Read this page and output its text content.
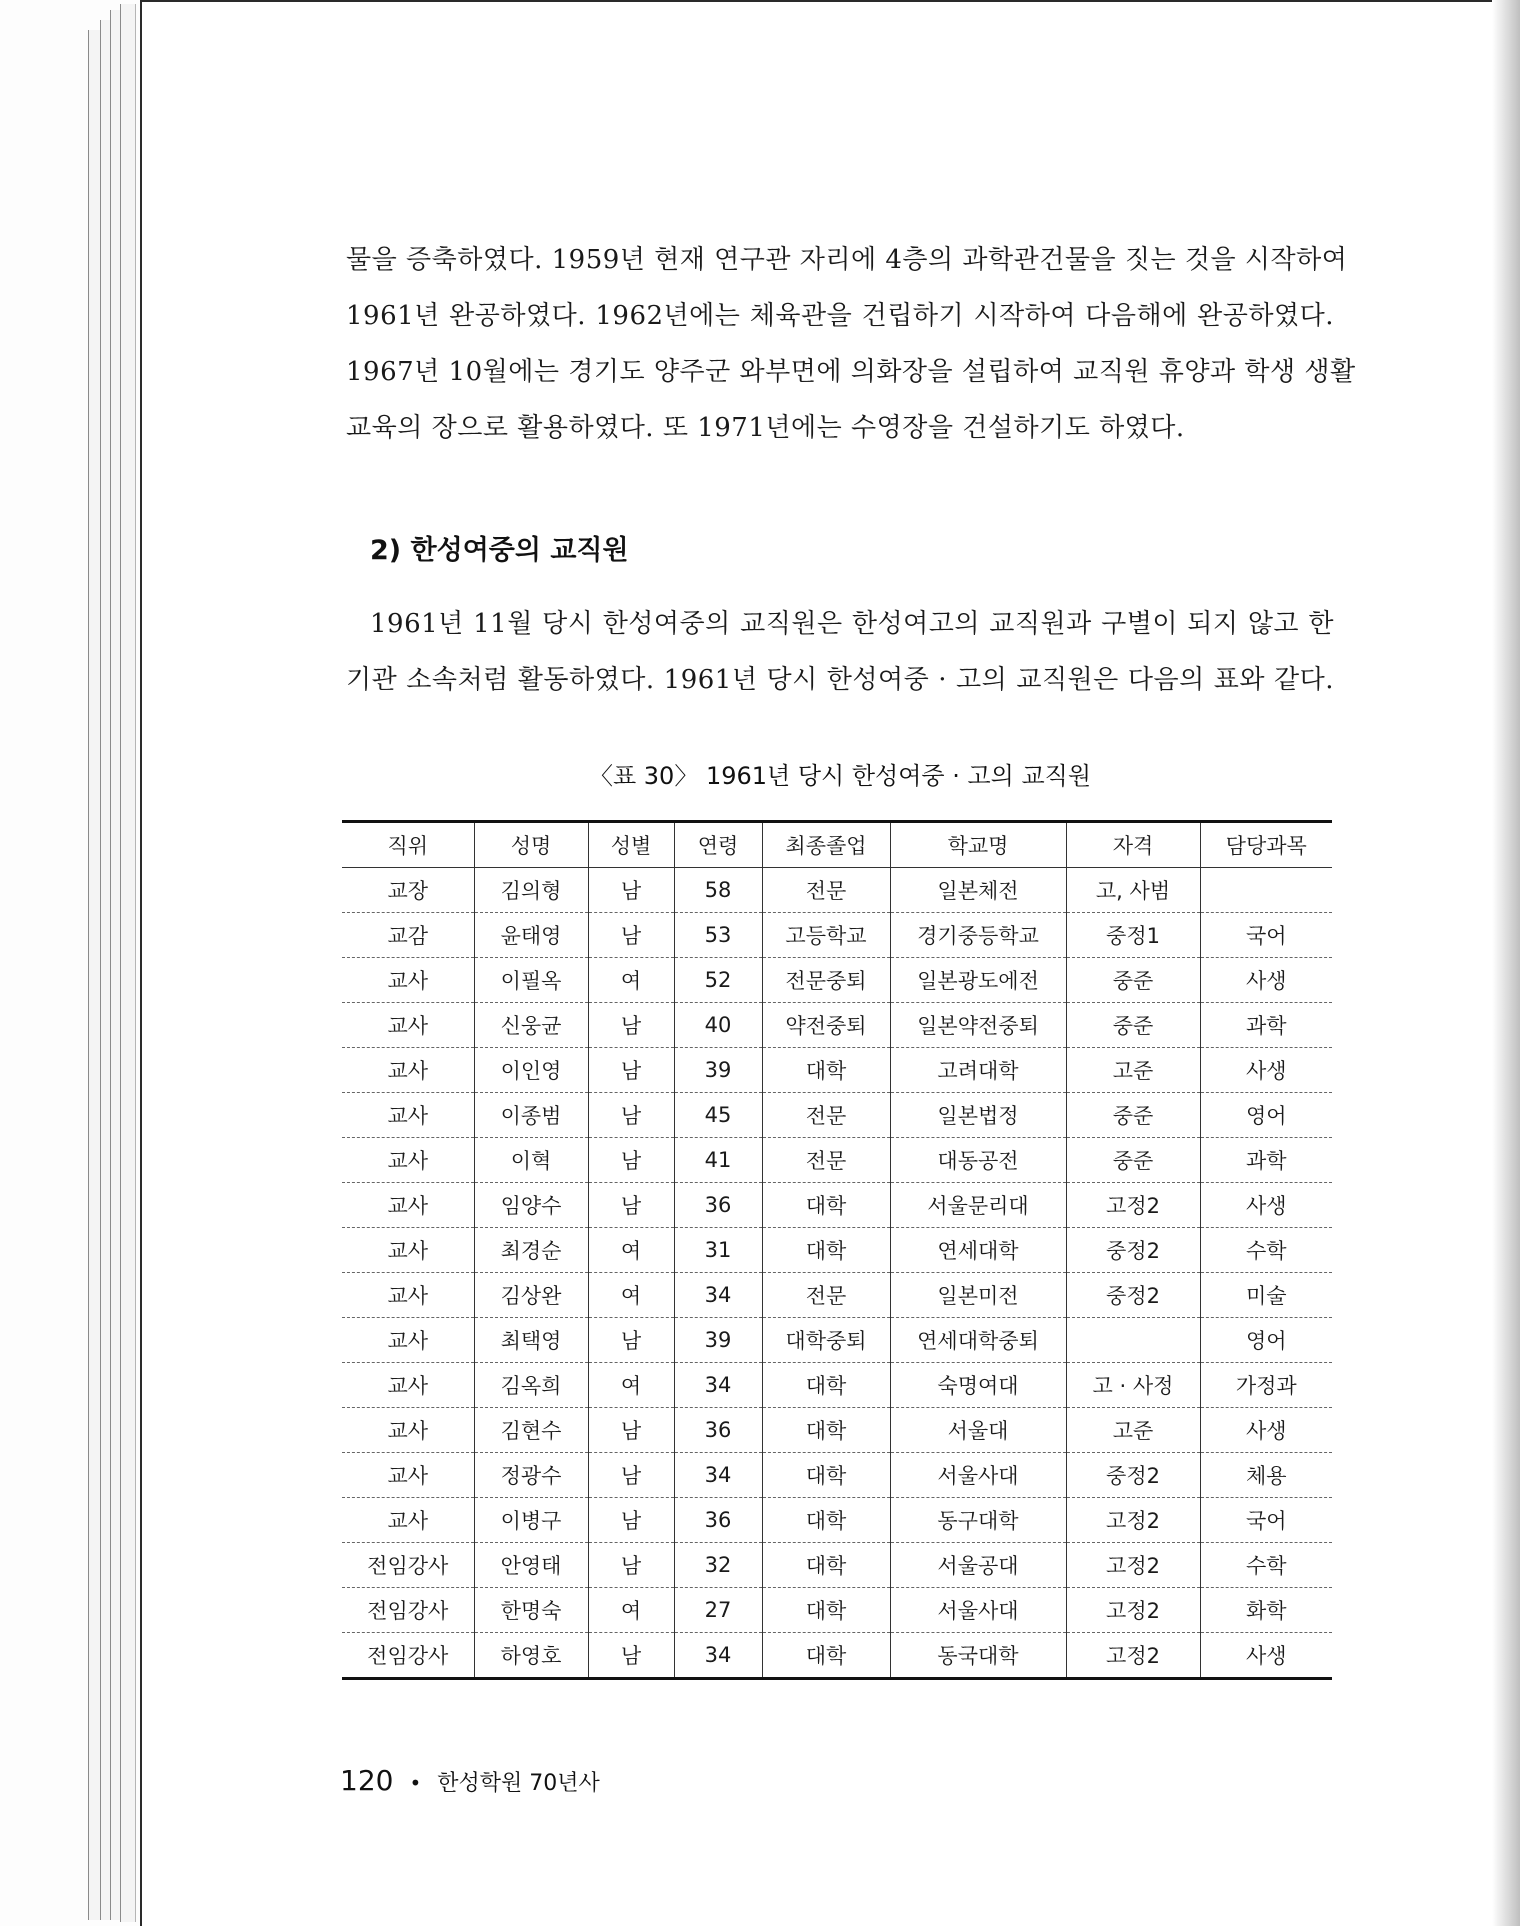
물을 증축하였다. 1959년 현재 연구관 자리에 4층의 과학관건물을 짓는 것을 시작하여
1961년 완공하였다. 1962년에는 체육관을 건립하기 시작하여 다음해에 완공하였다.
1967년 10월에는 경기도 양주군 와부면에 의화장을 설립하여 교직원 휴양과 학생 생활
교육의 장으로 활용하였다. 또 1971년에는 수영장을 건설하기도 하였다.
2) 한성여중의 교직원
1961년 11월 당시 한성여중의 교직원은 한성여고의 교직원과 구별이 되지 않고 한
기관 소속처럼 활동하였다. 1961년 당시 한성여중 · 고의 교직원은 다음의 표와 같다.
〈표 30〉 1961년 당시 한성여중 · 고의 교직원
직위	성명	성별	연령	최종졸업	학교명	자격	담당과목
교장	김의형	남	58	전문	일본체전	고, 사범	
교감	윤태영	남	53	고등학교	경기중등학교	중정1	국어
교사	이필옥	여	52	전문중퇴	일본광도에전	중준	사생
교사	신웅균	남	40	약전중퇴	일본약전중퇴	중준	과학
교사	이인영	남	39	대학	고려대학	고준	사생
교사	이종범	남	45	전문	일본법정	중준	영어
교사	이혁	남	41	전문	대동공전	중준	과학
교사	임양수	남	36	대학	서울문리대	고정2	사생
교사	최경순	여	31	대학	연세대학	중정2	수학
교사	김상완	여	34	전문	일본미전	중정2	미술
교사	최택영	남	39	대학중퇴	연세대학중퇴		영어
교사	김옥희	여	34	대학	숙명여대	고 · 사정	가정과
교사	김현수	남	36	대학	서울대	고준	사생
교사	정광수	남	34	대학	서울사대	중정2	체용
교사	이병구	남	36	대학	동구대학	고정2	국어
전임강사	안영태	남	32	대학	서울공대	고정2	수학
전임강사	한명숙	여	27	대학	서울사대	고정2	화학
전임강사	하영호	남	34	대학	동국대학	고정2	사생
120 • 한성학원 70년사
